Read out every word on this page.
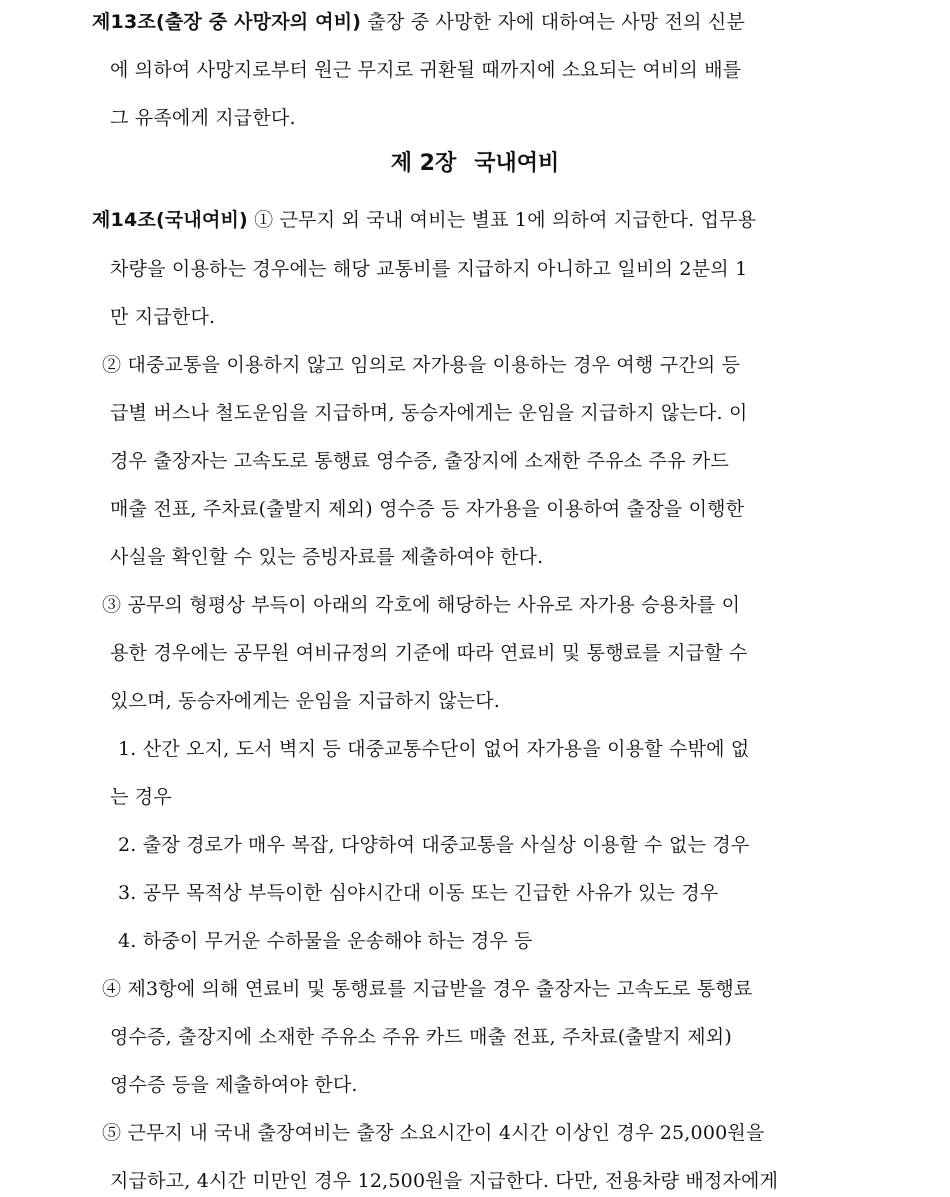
제13조(출장 중 사망자의 여비) 출장 중 사망한 자에 대하여는 사망 전의 신분
에 의하여 사망지로부터 원근 무지로 귀환될 때까지에 소요되는 여비의 배를
그 유족에게 지급한다.
제 2장 국내여비
제14조(국내여비) ① 근무지 외 국내 여비는 별표 1에 의하여 지급한다. 업무용
차량을 이용하는 경우에는 해당 교통비를 지급하지 아니하고 일비의 2분의 1
만 지급한다.
② 대중교통을 이용하지 않고 임의로 자가용을 이용하는 경우 여행 구간의 등
급별 버스나 철도운임을 지급하며, 동승자에게는 운임을 지급하지 않는다. 이
경우 출장자는 고속도로 통행료 영수증, 출장지에 소재한 주유소 주유 카드
매출 전표, 주차료(출발지 제외) 영수증 등 자가용을 이용하여 출장을 이행한
사실을 확인할 수 있는 증빙자료를 제출하여야 한다.
③ 공무의 형평상 부득이 아래의 각호에 해당하는 사유로 자가용 승용차를 이
용한 경우에는 공무원 여비규정의 기준에 따라 연료비 및 통행료를 지급할 수
있으며, 동승자에게는 운임을 지급하지 않는다.
1. 산간 오지, 도서 벽지 등 대중교통수단이 없어 자가용을 이용할 수밖에 없
는 경우
2. 출장 경로가 매우 복잡, 다양하여 대중교통을 사실상 이용할 수 없는 경우
3. 공무 목적상 부득이한 심야시간대 이동 또는 긴급한 사유가 있는 경우
4. 하중이 무거운 수하물을 운송해야 하는 경우 등
④ 제3항에 의해 연료비 및 통행료를 지급받을 경우 출장자는 고속도로 통행료
영수증, 출장지에 소재한 주유소 주유 카드 매출 전표, 주차료(출발지 제외)
영수증 등을 제출하여야 한다.
⑤ 근무지 내 국내 출장여비는 출장 소요시간이 4시간 이상인 경우 25,000원을
지급하고, 4시간 미만인 경우 12,500원을 지급한다. 다만, 전용차량 배정자에게
